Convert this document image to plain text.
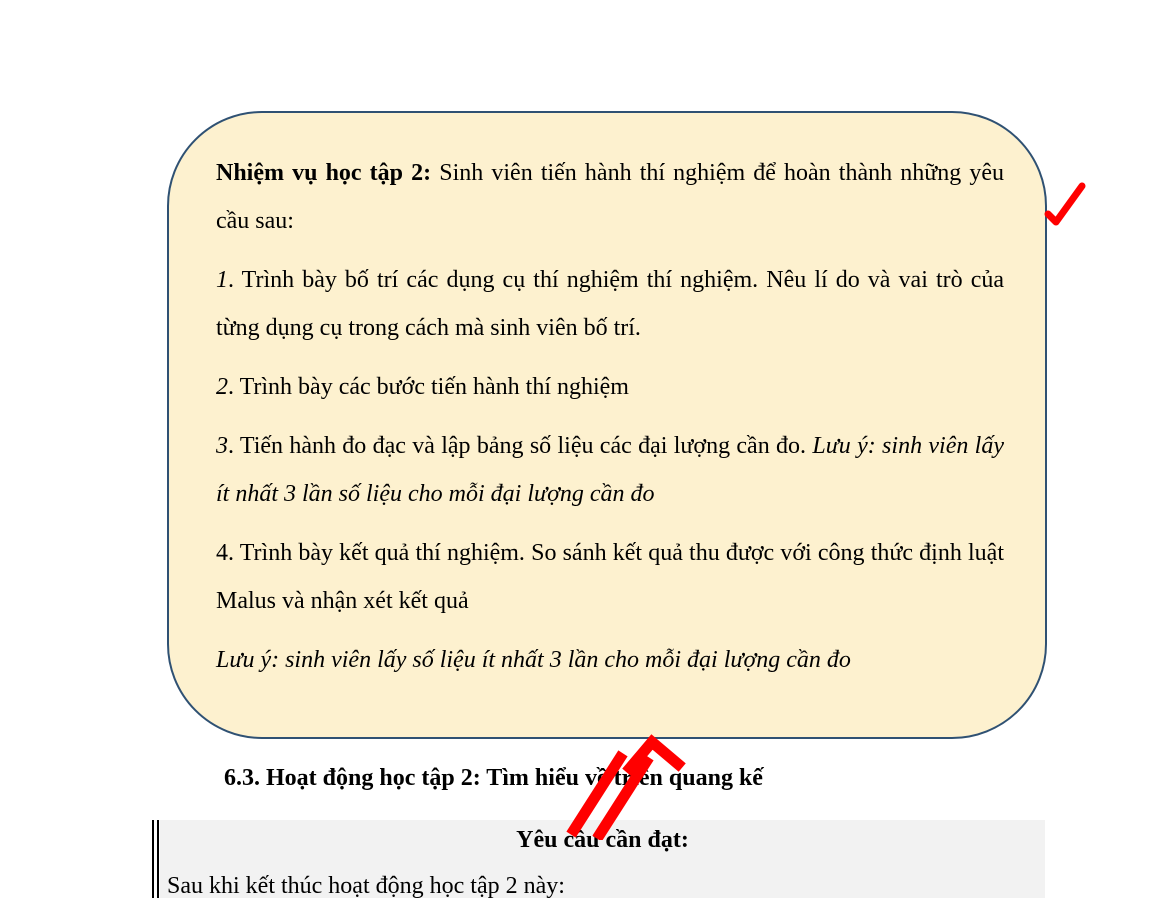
Nhiệm vụ học tập 2: Sinh viên tiến hành thí nghiệm để hoàn thành những yêu cầu sau:

1. Trình bày bố trí các dụng cụ thí nghiệm thí nghiệm. Nêu lí do và vai trò của từng dụng cụ trong cách mà sinh viên bố trí.

2. Trình bày các bước tiến hành thí nghiệm

3. Tiến hành đo đạc và lập bảng số liệu các đại lượng cần đo. Lưu ý: sinh viên lấy ít nhất 3 lần số liệu cho mỗi đại lượng cần đo

4. Trình bày kết quả thí nghiệm. So sánh kết quả thu được với công thức định luật Malus và nhận xét kết quả

Lưu ý: sinh viên lấy số liệu ít nhất 3 lần cho mỗi đại lượng cần đo

6.3. Hoạt động học tập 2: Tìm hiểu về triền quang kế
Yêu cầu cần đạt:
Sau khi kết thúc hoạt động học tập 2 này:
